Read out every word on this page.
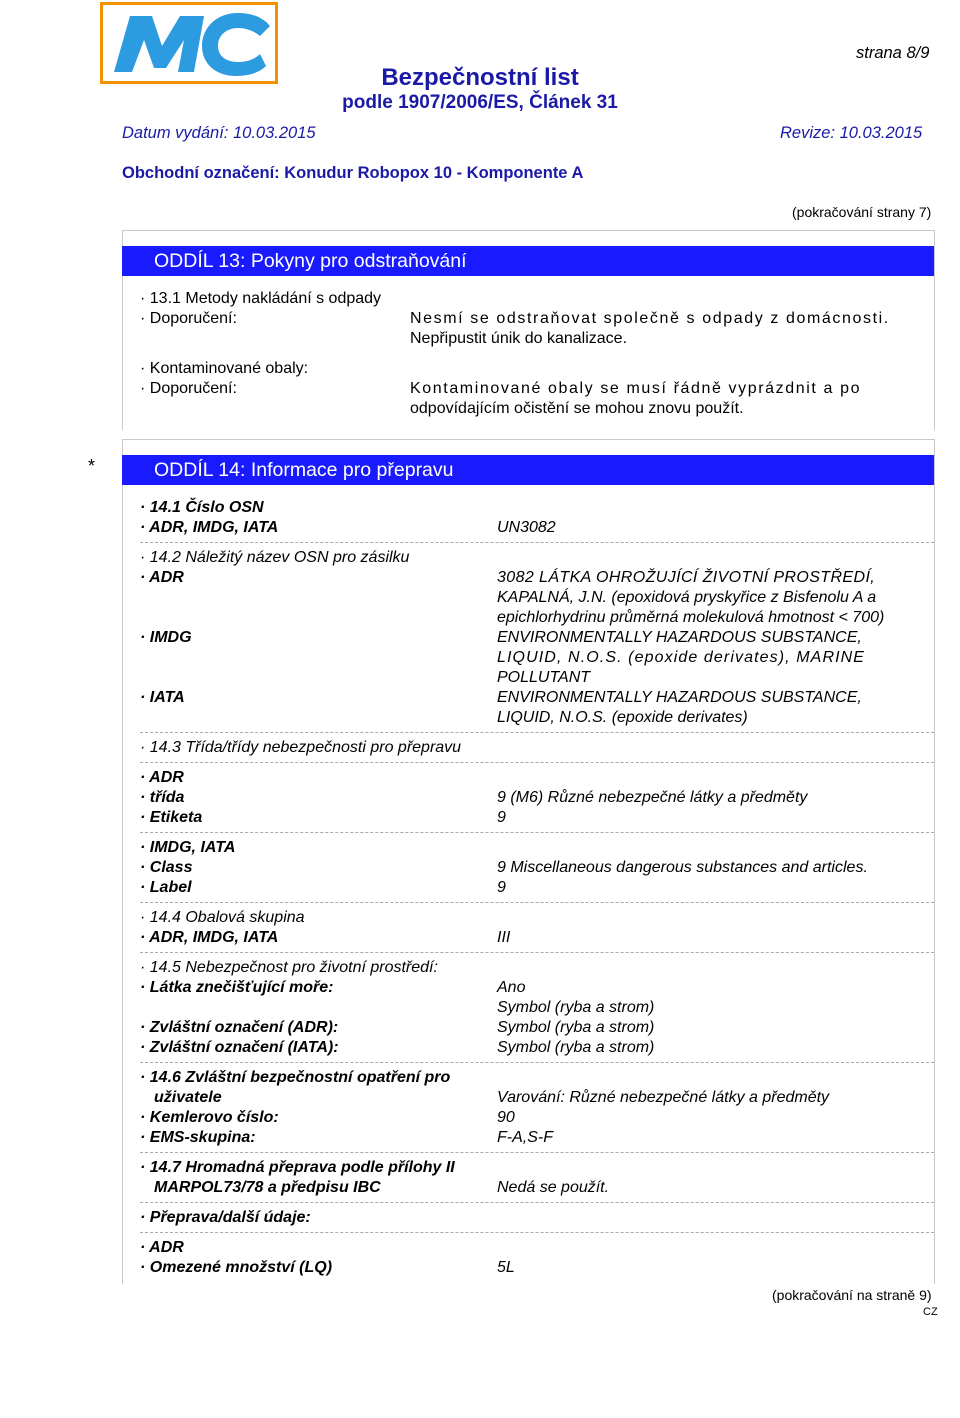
strana 8/9
Bezpečnostní list
podle 1907/2006/ES, Článek 31
Datum vydání: 10.03.2015	Revize: 10.03.2015
Obchodní označení: Konudur Robopox 10 - Komponente A
(pokračování strany 7)
ODDÍL 13: Pokyny pro odstraňování
· 13.1 Metody nakládání s odpady
· Doporučení:	Nesmí se odstraňovat společně s odpady z domácnosti.
Nepřipustit únik do kanalizace.
· Kontaminované obaly:
· Doporučení:	Kontaminované obaly se musí řádně vyprázdnit a po
odpovídajícím očistění se mohou znovu použít.
*	ODDÍL 14: Informace pro přepravu
· 14.1 Číslo OSN
· ADR, IMDG, IATA	UN3082
· 14.2 Náležitý název OSN pro zásilku
· ADR	3082 LÁTKA OHROŽUJÍCÍ ŽIVOTNÍ PROSTŘEDÍ,
KAPALNÁ, J.N. (epoxidová pryskyřice z Bisfenolu A a
epichlorhydrinu průměrná molekulová hmotnost < 700)
· IMDG	ENVIRONMENTALLY HAZARDOUS SUBSTANCE,
LIQUID, N.O.S. (epoxide derivates), MARINE
POLLUTANT
· IATA	ENVIRONMENTALLY HAZARDOUS SUBSTANCE,
LIQUID, N.O.S. (epoxide derivates)
· 14.3 Třída/třídy nebezpečnosti pro přepravu
· ADR
· třída	9 (M6) Různé nebezpečné látky a předměty
· Etiketa	9
· IMDG, IATA
· Class	9 Miscellaneous dangerous substances and articles.
· Label	9
· 14.4 Obalová skupina
· ADR, IMDG, IATA	III
· 14.5 Nebezpečnost pro životní prostředí:
· Látka znečišťující moře:	Ano
Symbol (ryba a strom)
· Zvláštní označení (ADR):	Symbol (ryba a strom)
· Zvláštní označení (IATA):	Symbol (ryba a strom)
· 14.6 Zvláštní bezpečnostní opatření pro
uživatele	Varování: Různé nebezpečné látky a předměty
· Kemlerovo číslo:	90
· EMS-skupina:	F-A,S-F
· 14.7 Hromadná přeprava podle přílohy II
MARPOL73/78 a předpisu IBC	Nedá se použít.
· Přeprava/další údaje:
· ADR
· Omezené množství (LQ)	5L
(pokračování na straně 9)
CZ
